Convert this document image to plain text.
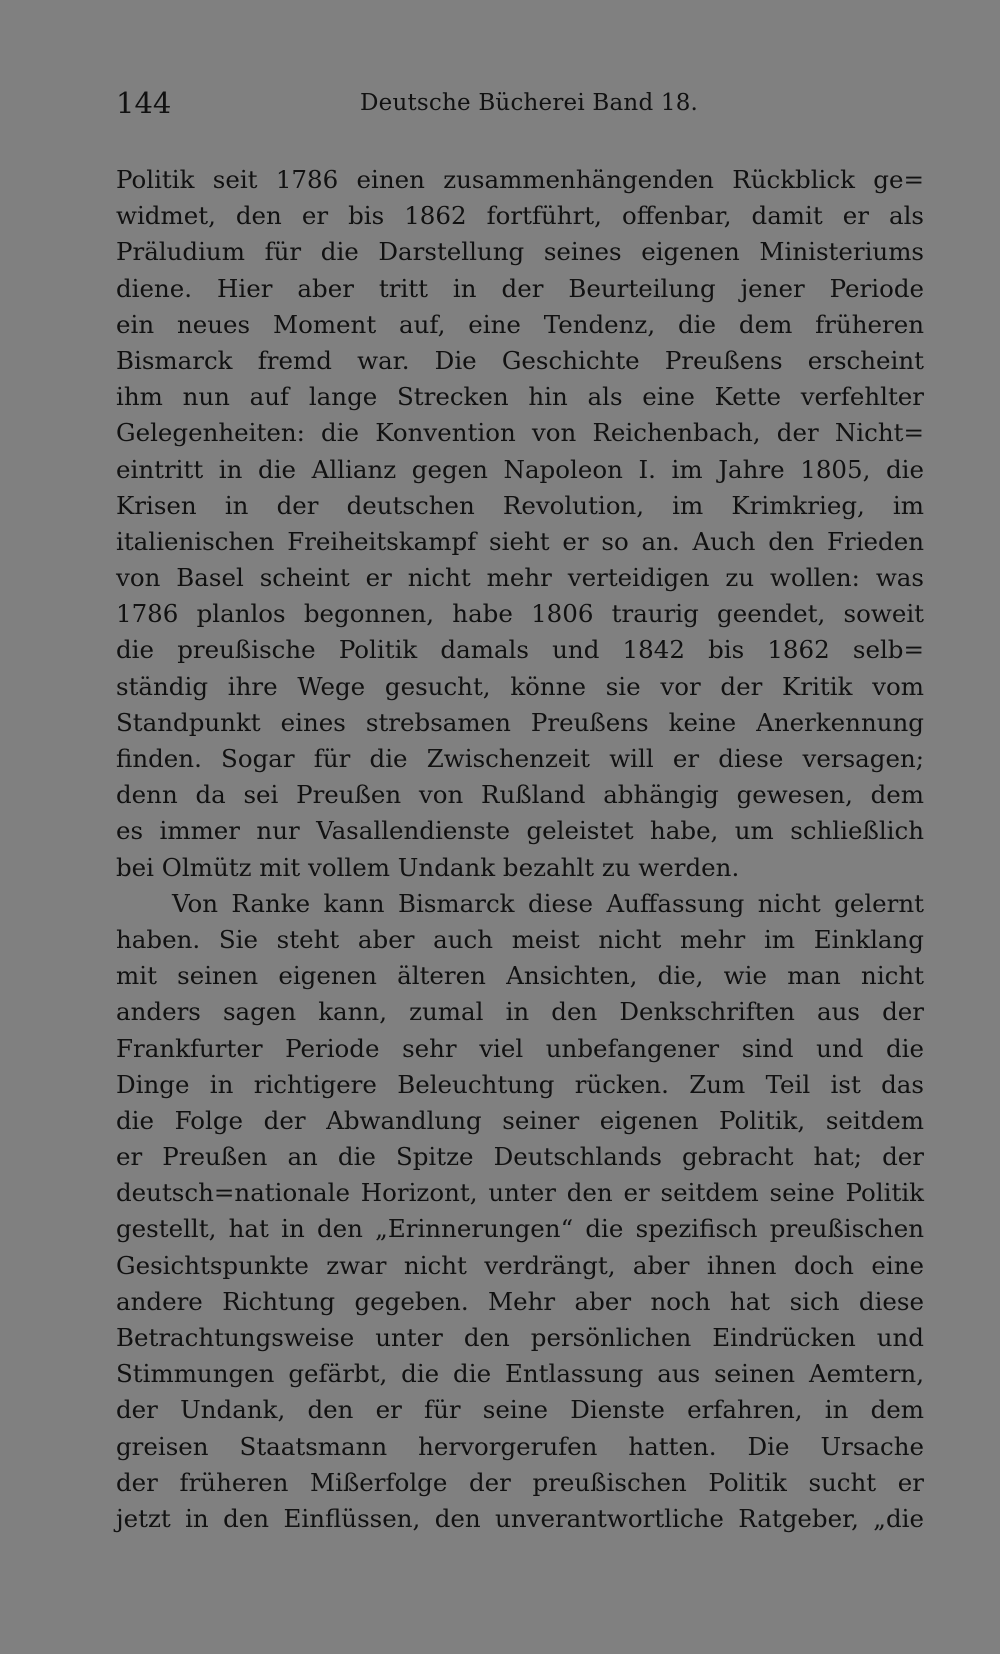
144	Deutsche Bücherei Band 18.
Politik seit 1786 einen zusammenhängenden Rückblick ge=
widmet, den er bis 1862 fortführt, offenbar, damit er als
Präludium für die Darstellung seines eigenen Ministeriums
diene. Hier aber tritt in der Beurteilung jener Periode
ein neues Moment auf, eine Tendenz, die dem früheren
Bismarck fremd war. Die Geschichte Preußens erscheint
ihm nun auf lange Strecken hin als eine Kette verfehlter
Gelegenheiten: die Konvention von Reichenbach, der Nicht=
eintritt in die Allianz gegen Napoleon I. im Jahre 1805, die
Krisen in der deutschen Revolution, im Krimkrieg, im
italienischen Freiheitskampf sieht er so an. Auch den Frieden
von Basel scheint er nicht mehr verteidigen zu wollen: was
1786 planlos begonnen, habe 1806 traurig geendet, soweit
die preußische Politik damals und 1842 bis 1862 selb=
ständig ihre Wege gesucht, könne sie vor der Kritik vom
Standpunkt eines strebsamen Preußens keine Anerkennung
finden. Sogar für die Zwischenzeit will er diese versagen;
denn da sei Preußen von Rußland abhängig gewesen, dem
es immer nur Vasallendienste geleistet habe, um schließlich
bei Olmütz mit vollem Undank bezahlt zu werden.
Von Ranke kann Bismarck diese Auffassung nicht gelernt
haben. Sie steht aber auch meist nicht mehr im Einklang
mit seinen eigenen älteren Ansichten, die, wie man nicht
anders sagen kann, zumal in den Denkschriften aus der
Frankfurter Periode sehr viel unbefangener sind und die
Dinge in richtigere Beleuchtung rücken. Zum Teil ist das
die Folge der Abwandlung seiner eigenen Politik, seitdem
er Preußen an die Spitze Deutschlands gebracht hat; der
deutsch=nationale Horizont, unter den er seitdem seine Politik
gestellt, hat in den „Erinnerungen“ die spezifisch preußischen
Gesichtspunkte zwar nicht verdrängt, aber ihnen doch eine
andere Richtung gegeben. Mehr aber noch hat sich diese
Betrachtungsweise unter den persönlichen Eindrücken und
Stimmungen gefärbt, die die Entlassung aus seinen Aemtern,
der Undank, den er für seine Dienste erfahren, in dem
greisen Staatsmann hervorgerufen hatten. Die Ursache
der früheren Mißerfolge der preußischen Politik sucht er
jetzt in den Einflüssen, den unverantwortliche Ratgeber, „die
